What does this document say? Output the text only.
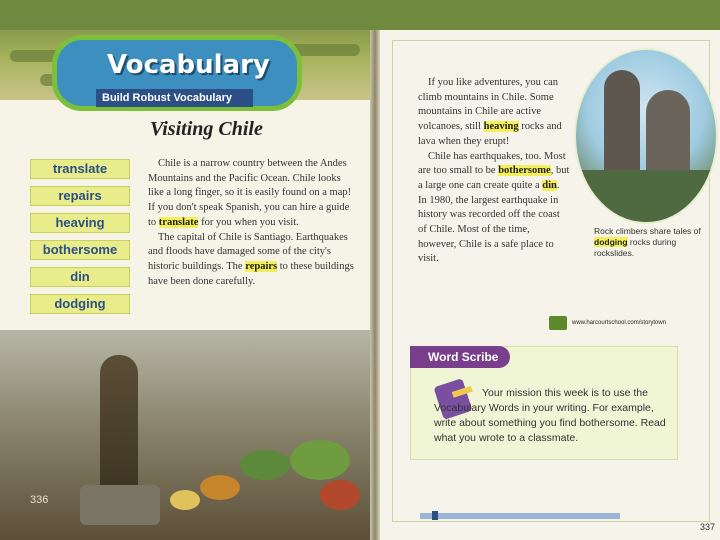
Vocabulary
Build Robust Vocabulary
Visiting Chile
translate
repairs
heaving
bothersome
din
dodging

Chile is a narrow country between the Andes Mountains and the Pacific Ocean. Chile looks like a long finger, so it is easily found on a map! If you don't speak Spanish, you can hire a guide to translate for you when you visit.

The capital of Chile is Santiago. Earthquakes and floods have damaged some of the city's historic buildings. The repairs to these buildings have been done carefully.

336

If you like adventures, you can climb mountains in Chile. Some mountains in Chile are active volcanoes, still heaving rocks and lava when they erupt!

Chile has earthquakes, too. Most are too small to be bothersome, but a large one can create quite a din. In 1980, the largest earthquake in history was recorded off the coast of Chile. Most of the time, however, Chile is a safe place to visit.

Rock climbers share tales of dodging rocks during rockslides.
www.harcourtschool.com/storytown
Word Scribe
Your mission this week is to use the Vocabulary Words in your writing. For example, write about something you find bothersome. Read what you wrote to a classmate.
337
